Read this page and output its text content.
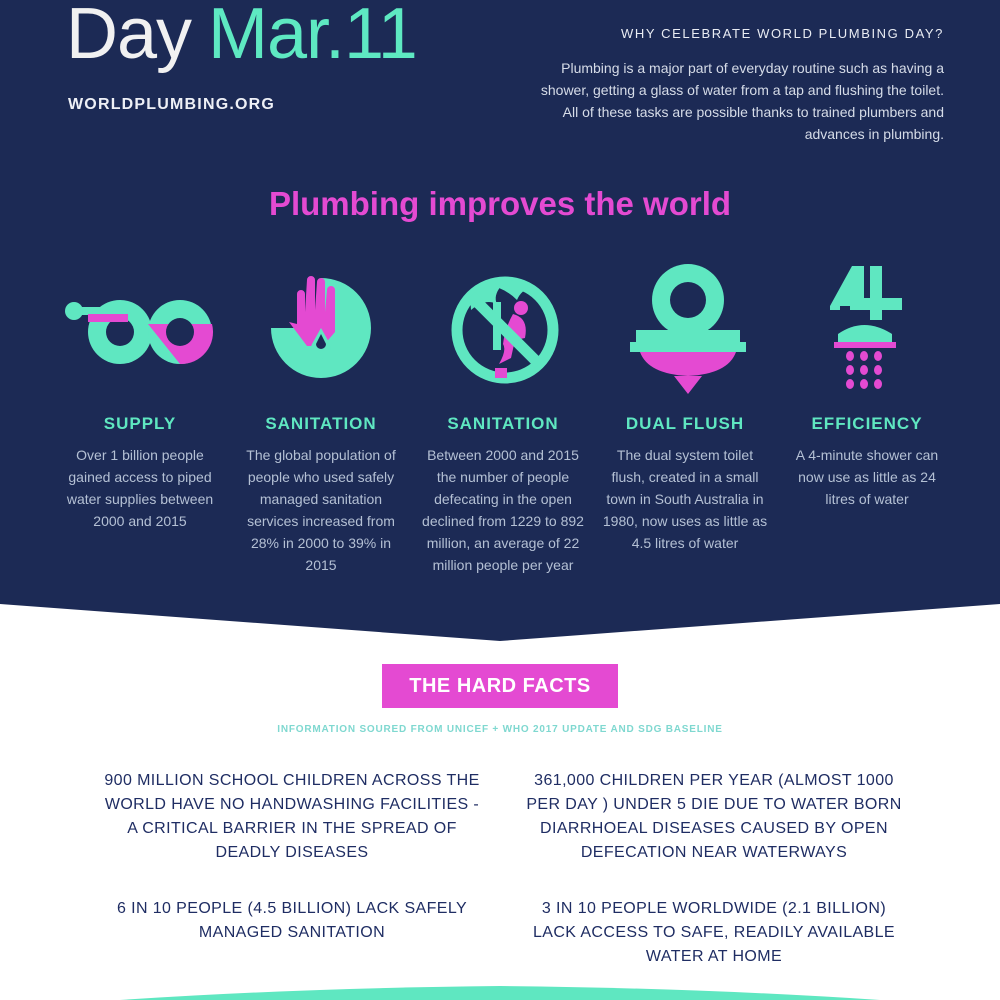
Day Mar.11
WORLDPLUMBING.ORG
WHY CELEBRATE WORLD PLUMBING DAY?
Plumbing is a major part of everyday routine such as having a shower, getting a glass of water from a tap and flushing the toilet. All of these tasks are possible thanks to trained plumbers and advances in plumbing.
Plumbing improves the world
SUPPLY
Over 1 billion people gained access to piped water supplies between 2000 and 2015
SANITATION
The global population of people who used safely managed sanitation services increased from 28% in 2000 to 39% in 2015
SANITATION
Between 2000 and 2015 the number of people defecating in the open declined from 1229 to 892 million, an average of 22 million people per year
DUAL FLUSH
The dual system toilet flush, created in a small town in South Australia in 1980, now uses as little as 4.5 litres of water
EFFICIENCY
A 4-minute shower can now use as little as 24 litres of water
THE HARD FACTS
INFORMATION SOURED FROM UNICEF + WHO 2017 UPDATE AND SDG BASELINE
900 MILLION SCHOOL CHILDREN ACROSS THE WORLD HAVE NO HANDWASHING FACILITIES - A CRITICAL BARRIER IN THE SPREAD OF DEADLY DISEASES
361,000 CHILDREN PER YEAR (ALMOST 1000 PER DAY ) UNDER 5 DIE DUE TO WATER BORN DIARRHOEAL DISEASES CAUSED BY OPEN DEFECATION NEAR WATERWAYS
6 IN 10 PEOPLE (4.5 BILLION) LACK SAFELY MANAGED SANITATION
3 IN 10 PEOPLE WORLDWIDE (2.1 BILLION) LACK ACCESS TO SAFE, READILY AVAILABLE WATER AT HOME
